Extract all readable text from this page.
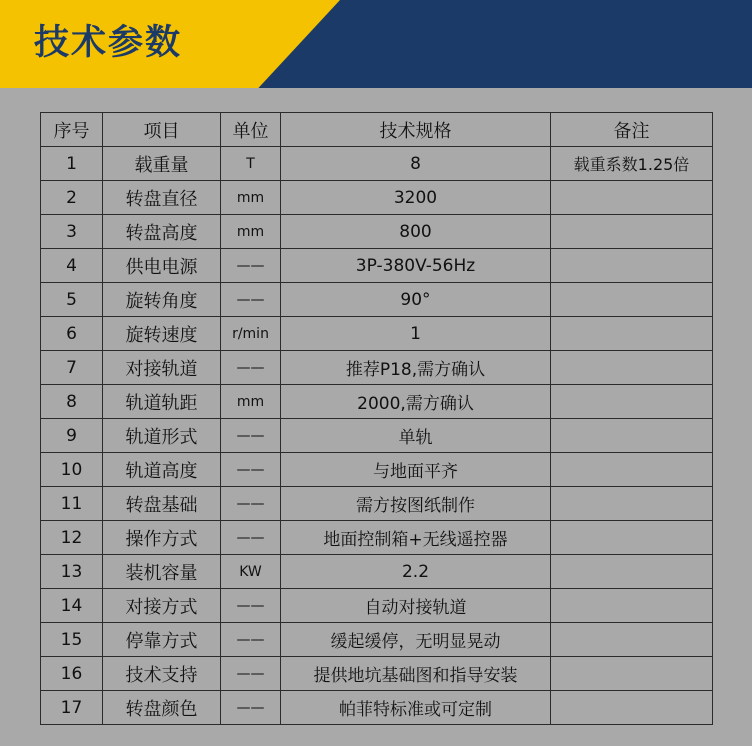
技术参数
序号	项目	单位	技术规格	备注
1	载重量	T	8	载重系数1.25倍
2	转盘直径	mm	3200	
3	转盘高度	mm	800	
4	供电电源	——	3P-380V-56Hz	
5	旋转角度	——	90°	
6	旋转速度	r/min	1	
7	对接轨道	——	推荐P18,需方确认	
8	轨道轨距	mm	2000,需方确认	
9	轨道形式	——	单轨	
10	轨道高度	——	与地面平齐	
11	转盘基础	——	需方按图纸制作	
12	操作方式	——	地面控制箱+无线遥控器	
13	装机容量	KW	2.2	
14	对接方式	——	自动对接轨道	
15	停靠方式	——	缓起缓停，无明显晃动	
16	技术支持	——	提供地坑基础图和指导安装	
17	转盘颜色	——	帕菲特标准或可定制	
